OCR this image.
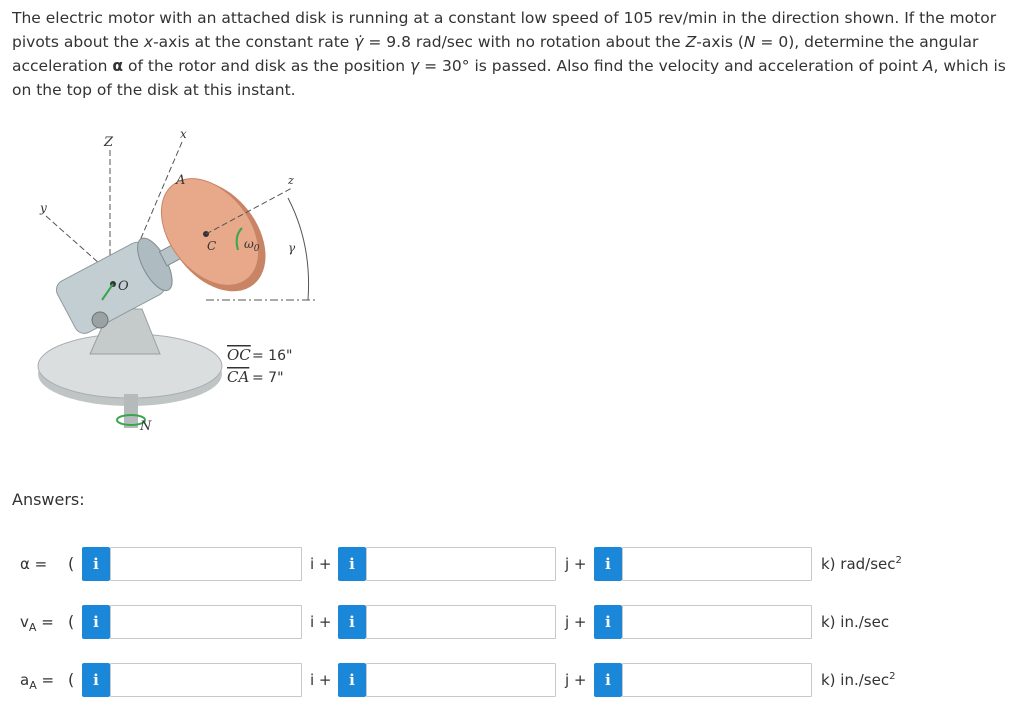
The electric motor with an attached disk is running at a constant low speed of 105 rev/min in the direction shown. If the motor pivots about the x-axis at the constant rate γ̇ = 9.8 rad/sec with no rotation about the Z-axis (N = 0), determine the angular acceleration α of the rotor and disk as the position γ = 30° is passed. Also find the velocity and acceleration of point A, which is on the top of the disk at this instant.
N
Z
x
y
O
C
A	z
γ
$\omega_0$
OC = 16"
CA = 7"
Answers:
α = (	i	i +	i	j +	i	k) rad/$\sec^2$
$v_A$ = (	i	i +	i	j +	i	k) in./sec
$a_A$ = (	i	i +	i	j +	i	k) $in./\sec^2$
